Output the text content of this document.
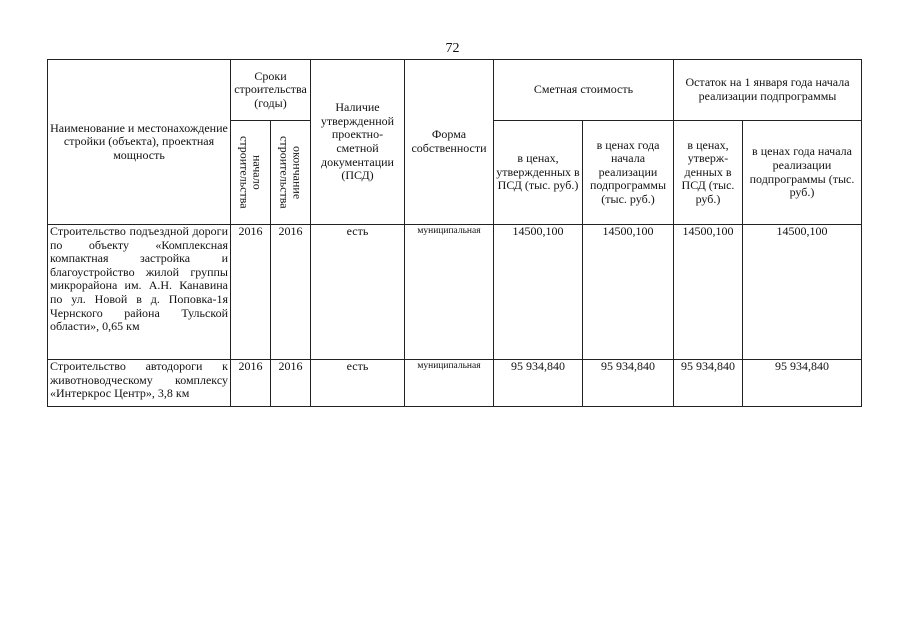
72
Наименование и местонахождение стройки (объекта), проектная мощность	Сроки строительства (годы)		Наличие утвержденной проектно-сметной документации (ПСД)	Форма собственности	Сметная стоимость		Остаток на 1 января года начала реализации подпрограммы	

	начало строительства	окончание строительства			в ценах, утвержденных в ПСД (тыс. руб.)	в ценах года начала реализации подпрограммы (тыс. руб.)	в ценах, утверж-денных в ПСД (тыс. руб.)	в ценах года начала реализации подпрограммы (тыс. руб.)
Строительство подъездной дороги по объекту «Комплексная компактная застройка и благоустройство жилой группы микрорайона им. А.Н. Канавина по ул. Новой в д. Поповка-1я Чернского района Тульской области», 0,65 км	2016	2016	есть	муниципальная	14500,100	14500,100	14500,100	14500,100
Строительство автодороги к животноводческому комплексу «Интеркрос Центр», 3,8 км	2016	2016	есть	муниципальная	95 934,840	95 934,840	95 934,840	95 934,840
